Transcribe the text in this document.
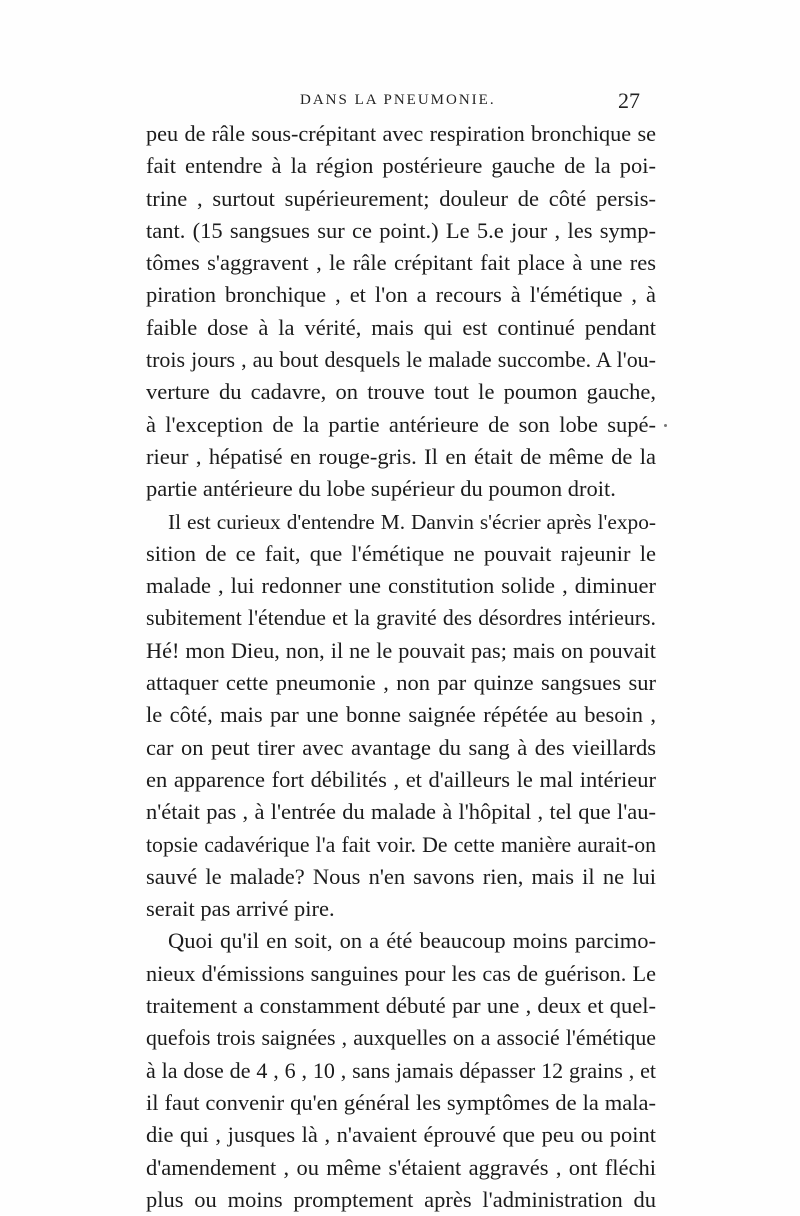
DANS LA PNEUMONIE.	27
peu de râle sous-crépitant avec respiration bronchique se
fait entendre à la région postérieure gauche de la poi-
trine , surtout supérieurement; douleur de côté persis-
tant. (15 sangsues sur ce point.) Le 5.e jour , les symp-
tômes s'aggravent , le râle crépitant fait place à une res
piration bronchique , et l'on a recours à l'émétique , à
faible dose à la vérité, mais qui est continué pendant
trois jours , au bout desquels le malade succombe. A l'ou-
verture du cadavre, on trouve tout le poumon gauche,
à l'exception de la partie antérieure de son lobe supé-
rieur , hépatisé en rouge-gris. Il en était de même de la
partie antérieure du lobe supérieur du poumon droit.
Il est curieux d'entendre M. Danvin s'écrier après l'expo-
sition de ce fait, que l'émétique ne pouvait rajeunir le
malade , lui redonner une constitution solide , diminuer
subitement l'étendue et la gravité des désordres intérieurs.
Hé! mon Dieu, non, il ne le pouvait pas; mais on pouvait
attaquer cette pneumonie , non par quinze sangsues sur
le côté, mais par une bonne saignée répétée au besoin ,
car on peut tirer avec avantage du sang à des vieillards
en apparence fort débilités , et d'ailleurs le mal intérieur
n'était pas , à l'entrée du malade à l'hôpital , tel que l'au-
topsie cadavérique l'a fait voir. De cette manière aurait-on
sauvé le malade? Nous n'en savons rien, mais il ne lui
serait pas arrivé pire.
Quoi qu'il en soit, on a été beaucoup moins parcimo-
nieux d'émissions sanguines pour les cas de guérison. Le
traitement a constamment débuté par une , deux et quel-
quefois trois saignées , auxquelles on a associé l'émétique
à la dose de 4 , 6 , 10 , sans jamais dépasser 12 grains , et
il faut convenir qu'en général les symptômes de la mala-
die qui , jusques là , n'avaient éprouvé que peu ou point
d'amendement , ou même s'étaient aggravés , ont fléchi
plus ou moins promptement après l'administration du
